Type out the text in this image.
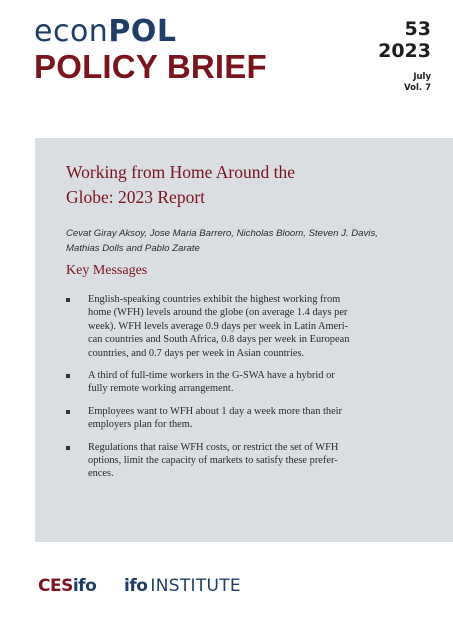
econPOL
POLICY BRIEF
53
2023
July
Vol. 7
Working from Home Around the
Globe: 2023 Report
Cevat Giray Aksoy, Jose Maria Barrero, Nicholas Bloom, Steven J. Davis,
Mathias Dolls and Pablo Zarate
Key Messages
English-speaking countries exhibit the highest working from
home (WFH) levels around the globe (on average 1.4 days per
week). WFH levels average 0.9 days per week in Latin Ameri-
can countries and South Africa, 0.8 days per week in European
countries, and 0.7 days per week in Asian countries.
A third of full-time workers in the G-SWA have a hybrid or
fully remote working arrangement.
Employees want to WFH about 1 day a week more than their
employers plan for them.
Regulations that raise WFH costs, or restrict the set of WFH
options, limit the capacity of markets to satisfy these prefer-
ences.
CESifo ifo INSTITUTE
